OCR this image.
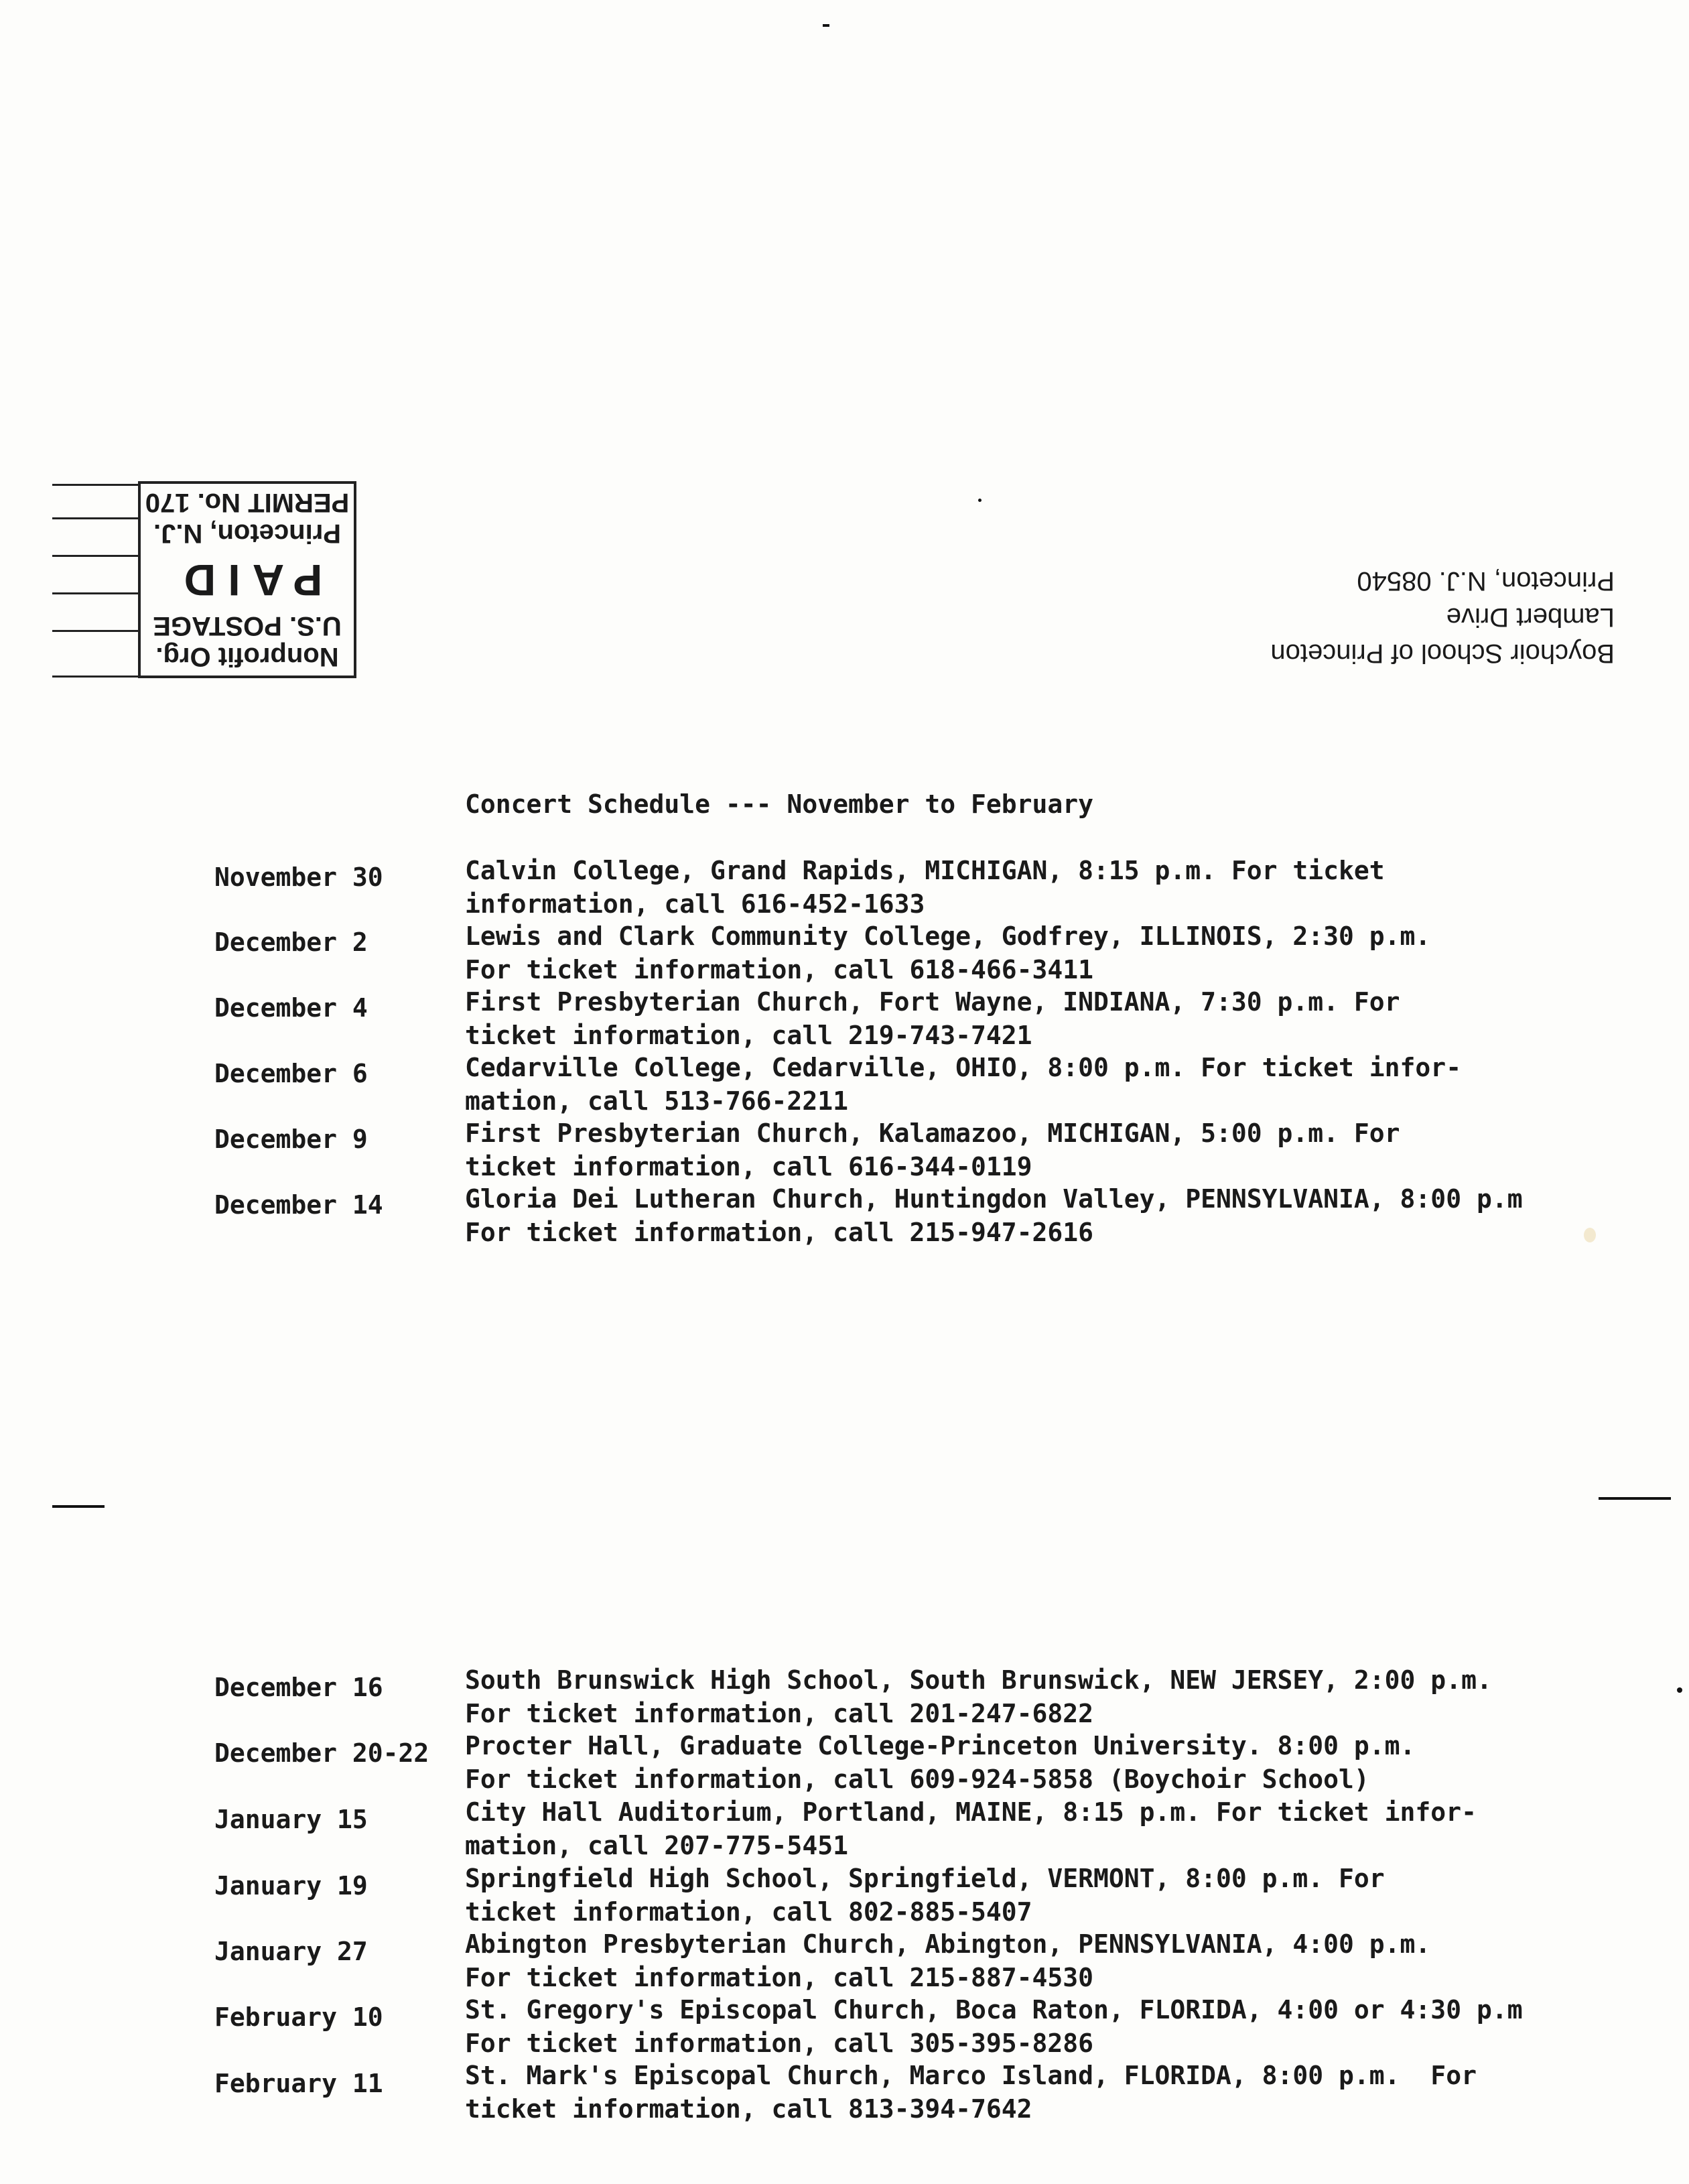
Nonprofit Org.
U.S. POSTAGE
PAID
Princeton, N.J.
PERMIT No. 170
Boychoir School of Princeton
Lambert Drive
Princeton, N.J. 08540
Concert Schedule --- November to February
November 30	Calvin College, Grand Rapids, MICHIGAN, 8:15 p.m. For ticket
information, call 616-452-1633
December 2	Lewis and Clark Community College, Godfrey, ILLINOIS, 2:30 p.m.
For ticket information, call 618-466-3411
December 4	First Presbyterian Church, Fort Wayne, INDIANA, 7:30 p.m. For
ticket information, call 219-743-7421
December 6	Cedarville College, Cedarville, OHIO, 8:00 p.m. For ticket infor-
mation, call 513-766-2211
December 9	First Presbyterian Church, Kalamazoo, MICHIGAN, 5:00 p.m. For
ticket information, call 616-344-0119
December 14	Gloria Dei Lutheran Church, Huntingdon Valley, PENNSYLVANIA, 8:00 p.m
For ticket information, call 215-947-2616
December 16	South Brunswick High School, South Brunswick, NEW JERSEY, 2:00 p.m.
For ticket information, call 201-247-6822
December 20-22 Procter Hall, Graduate College-Princeton University. 8:00 p.m.
For ticket information, call 609-924-5858 (Boychoir School)
January 15	City Hall Auditorium, Portland, MAINE, 8:15 p.m. For ticket infor-
mation, call 207-775-5451
January 19	Springfield High School, Springfield, VERMONT, 8:00 p.m. For
ticket information, call 802-885-5407
January 27	Abington Presbyterian Church, Abington, PENNSYLVANIA, 4:00 p.m.
For ticket information, call 215-887-4530
February 10	St. Gregory's Episcopal Church, Boca Raton, FLORIDA, 4:00 or 4:30 p.m
For ticket information, call 305-395-8286
February 11	St. Mark's Episcopal Church, Marco Island, FLORIDA, 8:00 p.m.  For
ticket information, call 813-394-7642
